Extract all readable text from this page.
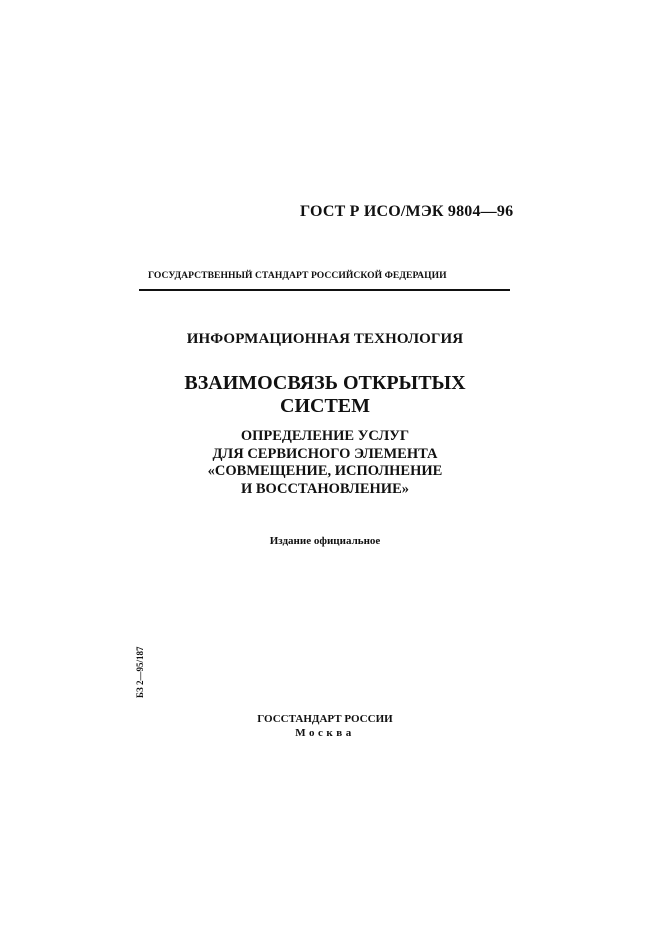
ГОСТ Р ИСО/МЭК 9804—96
ГОСУДАРСТВЕННЫЙ СТАНДАРТ РОССИЙСКОЙ ФЕДЕРАЦИИ
ИНФОРМАЦИОННАЯ ТЕХНОЛОГИЯ
ВЗАИМОСВЯЗЬ ОТКРЫТЫХ
СИСТЕМ
ОПРЕДЕЛЕНИЕ УСЛУГ
ДЛЯ СЕРВИСНОГО ЭЛЕМЕНТА
«СОВМЕЩЕНИЕ, ИСПОЛНЕНИЕ
И ВОССТАНОВЛЕНИЕ»
Издание официальное
БЗ 2—95/187
ГОССТАНДАРТ РОССИИ
Москва
